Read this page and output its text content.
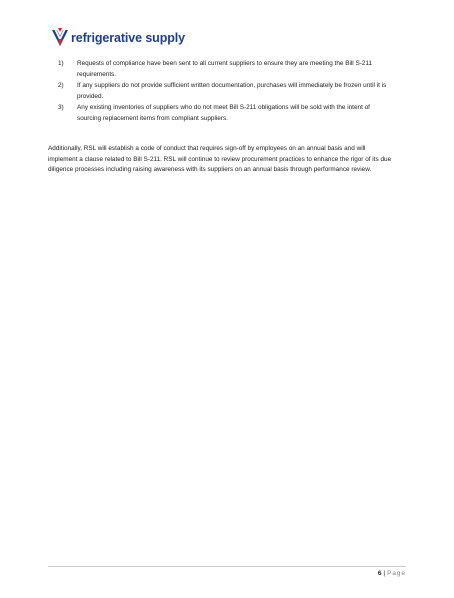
refrigerative supply
1)	Requests of compliance have been sent to all current suppliers to ensure they are meeting the Bill S-211 requirements.
2)	If any suppliers do not provide sufficient written documentation, purchases will immediately be frozen until it is provided.
3)	Any existing inventories of suppliers who do not meet Bill S-211 obligations will be sold with the intent of sourcing replacement items from compliant suppliers.

Additionally, RSL will establish a code of conduct that requires sign-off by employees on an annual basis and will implement a clause related to Bill S-211. RSL will continue to review procurement practices to enhance the rigor of its due diligence processes including raising awareness with its suppliers on an annual basis through performance review.

6 | Page
